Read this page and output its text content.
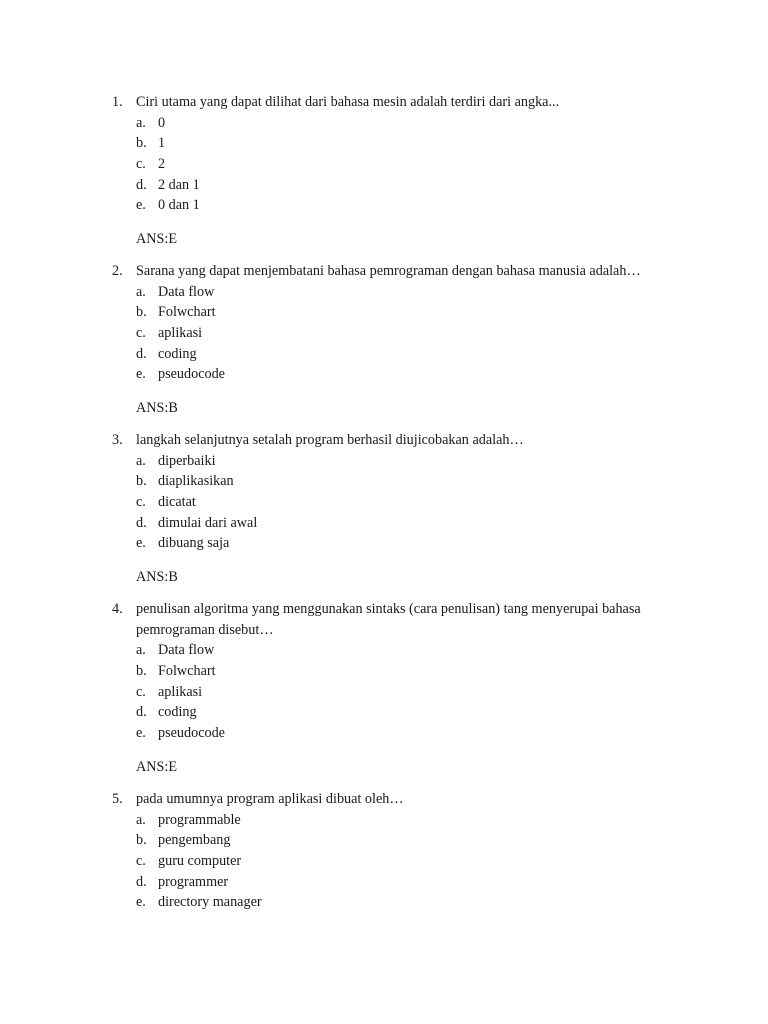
1. Ciri utama yang dapat dilihat dari bahasa mesin adalah terdiri dari angka...
a. 0
b. 1
c. 2
d. 2 dan 1
e. 0 dan 1
ANS:E
2. Sarana yang dapat menjembatani bahasa pemrograman dengan bahasa manusia adalah…
a. Data flow
b. Folwchart
c. aplikasi
d. coding
e. pseudocode
ANS:B
3. langkah selanjutnya setalah program berhasil diujicobakan adalah…
a. diperbaiki
b. diaplikasikan
c. dicatat
d. dimulai dari awal
e. dibuang saja
ANS:B
4. penulisan algoritma yang menggunakan sintaks (cara penulisan) tang menyerupai bahasa
pemrograman disebut…
a. Data flow
b. Folwchart
c. aplikasi
d. coding
e. pseudocode
ANS:E
5. pada umumnya program aplikasi dibuat oleh…
a. programmable
b. pengembang
c. guru computer
d. programmer
e. directory manager
